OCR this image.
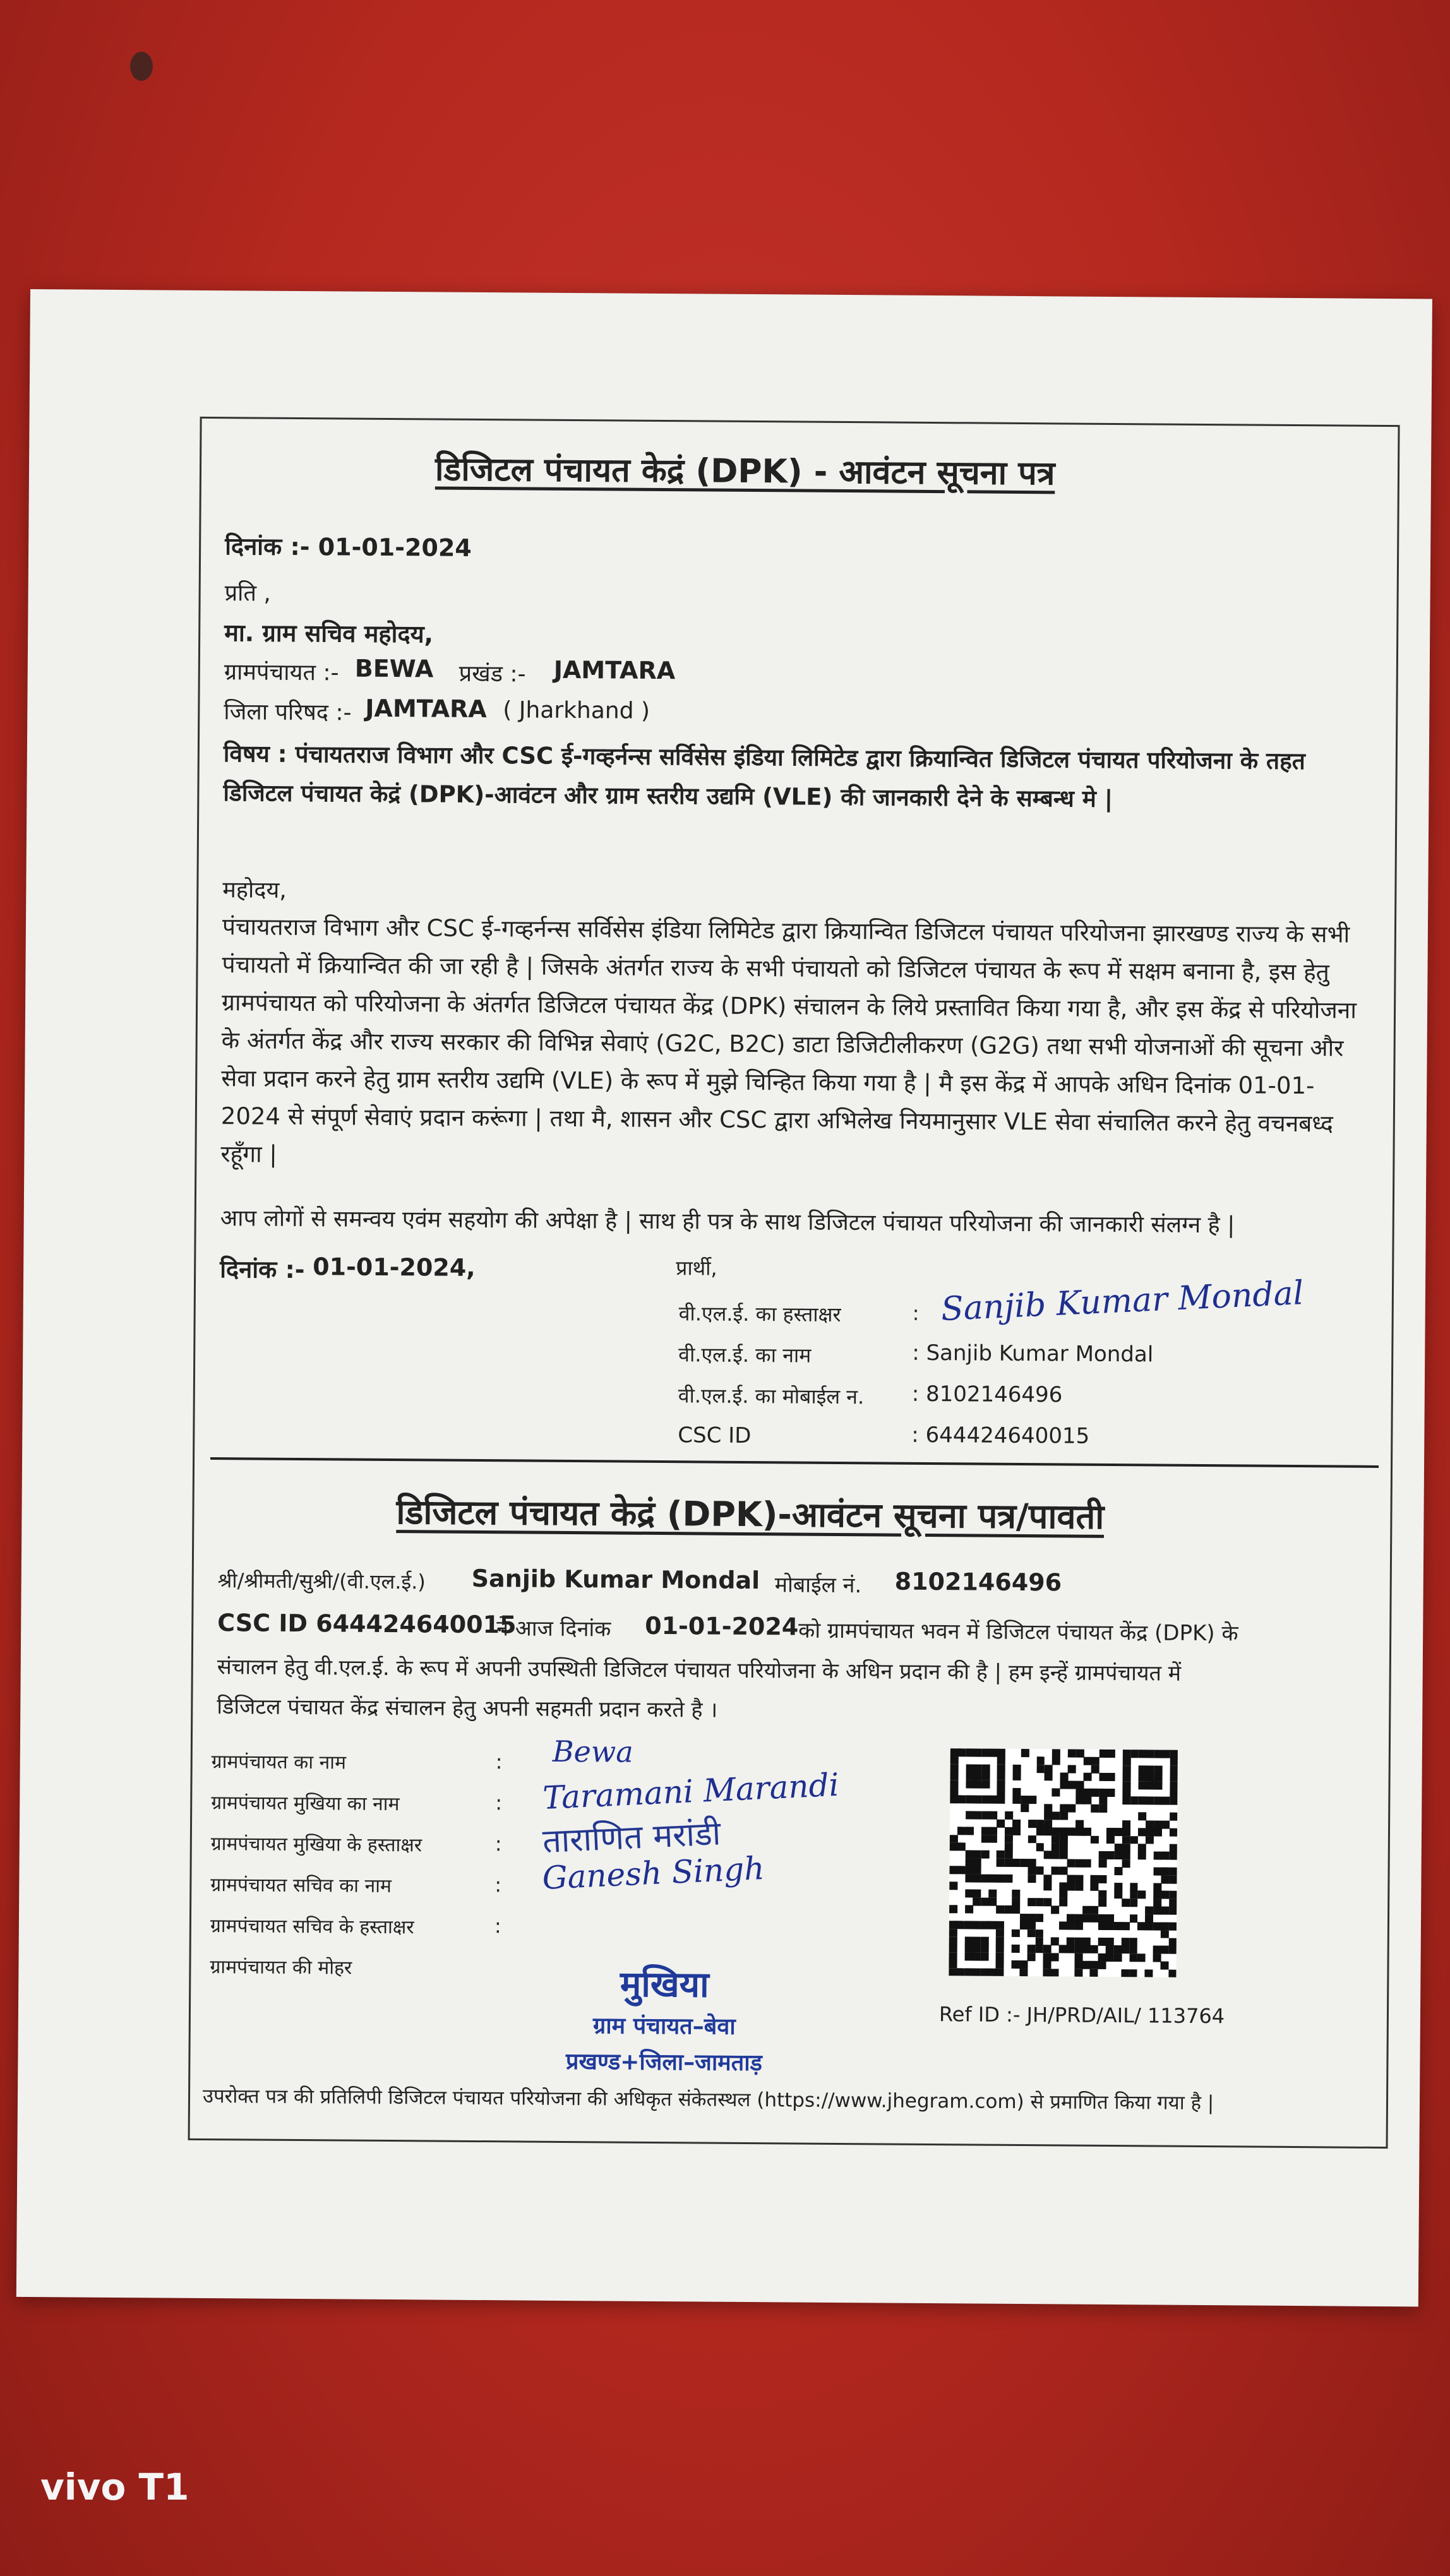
डिजिटल पंचायत केद्रं (DPK) - आवंटन सूचना पत्र
दिनांक :- 01-01-2024
प्रति ,
मा. ग्राम सचिव महोदय,
ग्रामपंचायत :- BEWA प्रखंड :- JAMTARA
जिला परिषद :- JAMTARA ( Jharkhand )
विषय : पंचायतराज विभाग और CSC ई-गव्हर्नन्स सर्विसेस इंडिया लिमिटेड द्वारा क्रियान्वित डिजिटल पंचायत परियोजना के तहत डिजिटल पंचायत केद्रं (DPK)-आवंटन और ग्राम स्तरीय उद्यमि (VLE) की जानकारी देने के सम्बन्ध मे |
महोदय,
पंचायतराज विभाग और CSC ई-गव्हर्नन्स सर्विसेस इंडिया लिमिटेड द्वारा क्रियान्वित डिजिटल पंचायत परियोजना झारखण्ड राज्य के सभी पंचायतो में क्रियान्वित की जा रही है | जिसके अंतर्गत राज्य के सभी पंचायतो को डिजिटल पंचायत के रूप में सक्षम बनाना है, इस हेतु ग्रामपंचायत को परियोजना के अंतर्गत डिजिटल पंचायत केंद्र (DPK) संचालन के लिये प्रस्तावित किया गया है, और इस केंद्र से परियोजना के अंतर्गत केंद्र और राज्य सरकार की विभिन्न सेवाएं (G2C, B2C) डाटा डिजिटीलीकरण (G2G) तथा सभी योजनाओं की सूचना और सेवा प्रदान करने हेतु ग्राम स्तरीय उद्यमि (VLE) के रूप में मुझे चिन्हित किया गया है | मै इस केंद्र में आपके अधिन दिनांक 01-01-2024 से संपूर्ण सेवाएं प्रदान करूंगा | तथा मै, शासन और CSC द्वारा अभिलेख नियमानुसार VLE सेवा संचालित करने हेतु वचनबध्द रहूँगा |
आप लोगों से समन्वय एवंम सहयोग की अपेक्षा है | साथ ही पत्र के साथ डिजिटल पंचायत परियोजना की जानकारी संलग्न है |
दिनांक :- 01-01-2024,	प्रार्थी,
वी.एल.ई. का हस्ताक्षर	: Sanjib Kumar Mondal
वी.एल.ई. का नाम	: Sanjib Kumar Mondal
वी.एल.ई. का मोबाईल न. : 8102146496
CSC ID	: 644424640015
डिजिटल पंचायत केद्रं (DPK)-आवंटन सूचना पत्र/पावती
श्री/श्रीमती/सुश्री/(वी.एल.ई.) Sanjib Kumar Mondal मोबाईल नं. 8102146496
CSC ID 644424640015
ने आज दिनांक 01-01-2024 को ग्रामपंचायत भवन में डिजिटल पंचायत केंद्र (DPK) के
संचालन हेतु वी.एल.ई. के रूप में अपनी उपस्थिती डिजिटल पंचायत परियोजना के अधिन प्रदान की है | हम इन्हें ग्रामपंचायत में
डिजिटल पंचायत केंद्र संचालन हेतु अपनी सहमती प्रदान करते है ।
ग्रामपंचायत का नाम	: Bewa
ग्रामपंचायत मुखिया का नाम	: Taramani Marandi
ग्रामपंचायत मुखिया के हस्ताक्षर	: ताराणित मरांडी
ग्रामपंचायत सचिव का नाम	: Ganesh Singh
ग्रामपंचायत सचिव के हस्ताक्षर	:
ग्रामपंचायत की मोहर	मुखिया
ग्राम पंचायत–बेवा
प्रखण्ड+जिला–जामताड़
Ref ID :- JH/PRD/AIL/ 113764
उपरोक्त पत्र की प्रतिलिपी डिजिटल पंचायत परियोजना की अधिकृत संकेतस्थल (https://www.jhegram.com) से प्रमाणित किया गया है |
vivo T1
